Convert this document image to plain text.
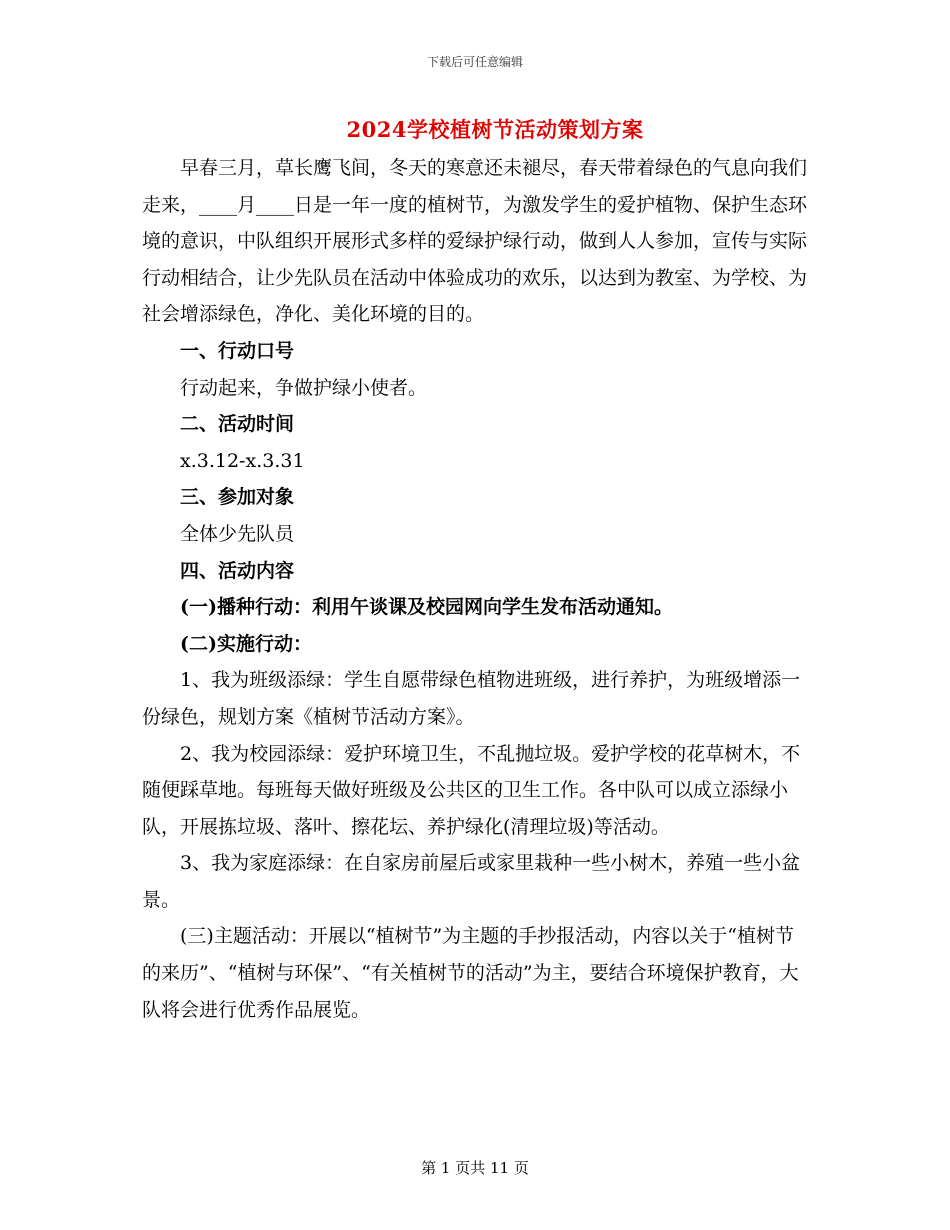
下载后可任意编辑
2024学校植树节活动策划方案

早春三月，草长鹰飞间，冬天的寒意还未褪尽，春天带着绿色的气息向我们走来，____月____日是一年一度的植树节，为激发学生的爱护植物、保护生态环境的意识，中队组织开展形式多样的爱绿护绿行动，做到人人参加，宣传与实际行动相结合，让少先队员在活动中体验成功的欢乐，以达到为教室、为学校、为社会增添绿色，净化、美化环境的目的。

一、行动口号

行动起来，争做护绿小使者。

二、活动时间

x.3.12-x.3.31

三、参加对象

全体少先队员

四、活动内容

(一)播种行动：利用午谈课及校园网向学生发布活动通知。

(二)实施行动：

1、我为班级添绿：学生自愿带绿色植物进班级，进行养护，为班级增添一份绿色，规划方案《植树节活动方案》。

2、我为校园添绿：爱护环境卫生，不乱抛垃圾。爱护学校的花草树木，不随便踩草地。每班每天做好班级及公共区的卫生工作。各中队可以成立添绿小队，开展拣垃圾、落叶、擦花坛、养护绿化(清理垃圾)等活动。

3、我为家庭添绿：在自家房前屋后或家里栽种一些小树木，养殖一些小盆景。

(三)主题活动：开展以“植树节”为主题的手抄报活动，内容以关于“植树节的来历”、“植树与环保”、“有关植树节的活动”为主，要结合环境保护教育，大队将会进行优秀作品展览。

第 1 页共 11 页
